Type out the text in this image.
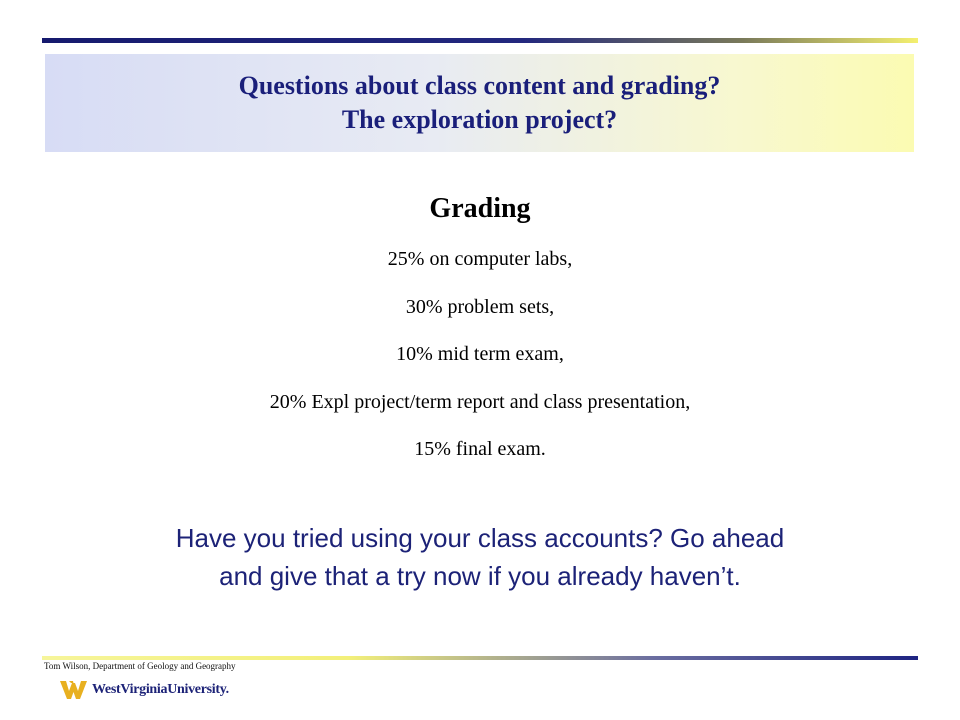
Questions about class content and grading?
The exploration project?
Grading
25% on computer labs,
30% problem sets,
10% mid term exam,
20% Expl project/term report and class presentation,
15% final exam.
Have you tried using your class accounts? Go ahead
and give that a try now if you already haven’t.
Tom Wilson, Department of Geology and Geography
WestVirginiaUniversity.
